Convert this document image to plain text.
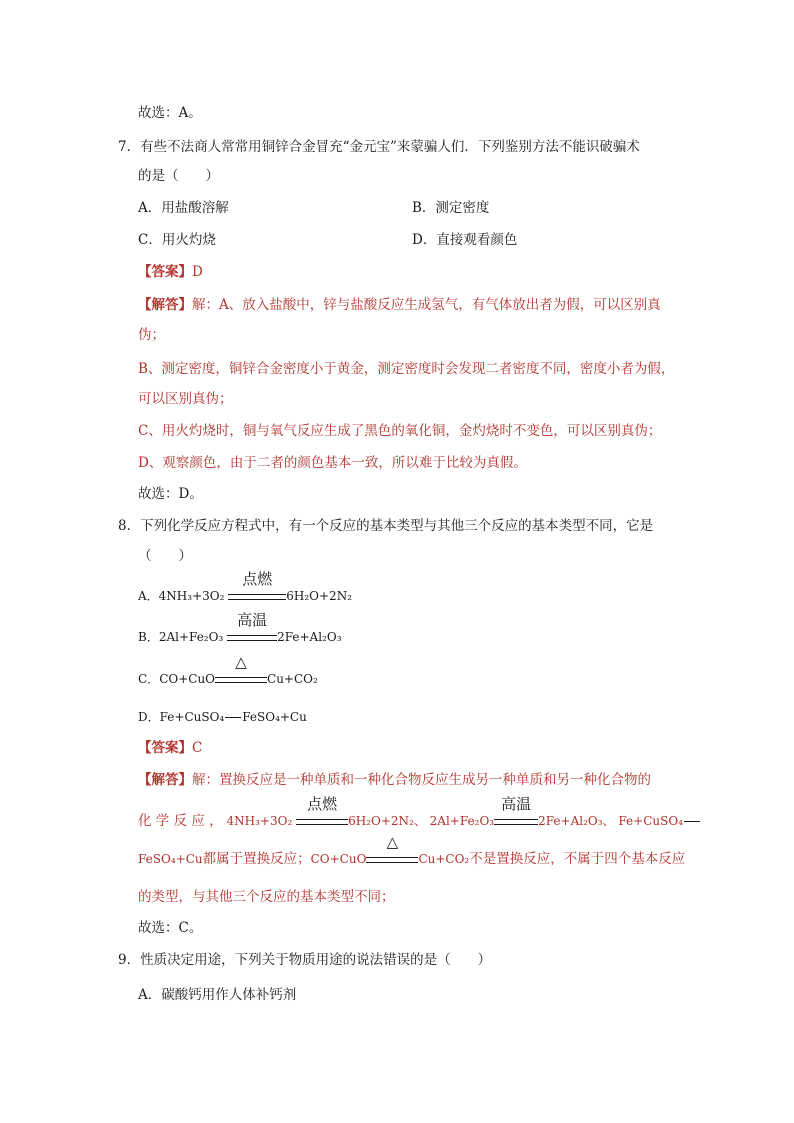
故选：A。
7．有些不法商人常常用铜锌合金冒充“金元宝”来蒙骗人们．下列鉴别方法不能识破骗术
的是（　　）
A．用盐酸溶解	B．测定密度
C．用火灼烧	D．直接观看颜色
【答案】D
【解答】解：A、放入盐酸中，锌与盐酸反应生成氢气，有气体放出者为假，可以区别真
伪；
B、测定密度，铜锌合金密度小于黄金，测定密度时会发现二者密度不同，密度小者为假，
可以区别真伪；
C、用火灼烧时，铜与氧气反应生成了黑色的氧化铜，金灼烧时不变色，可以区别真伪；
D、观察颜色，由于二者的颜色基本一致，所以难于比较为真假。
故选：D。
8．下列化学反应方程式中，有一个反应的基本类型与其他三个反应的基本类型不同，它是
（　　）
A．4NH₃+3O₂
点燃
6H₂O+2N₂
B．2Al+Fe₂O₃
高温
2Fe+Al₂O₃
C．CO+CuO
△
Cu+CO₂
D．Fe+CuSO₄ FeSO₄+Cu
【答案】C
【解答】解：置换反应是一种单质和一种化合物反应生成另一种单质和另一种化合物的
化 学 反 应 ， 4NH₃+3O₂
点燃
6H₂O+2N₂、 2Al+Fe₂O₃
高温
2Fe+Al₂O₃、 Fe+CuSO₄
FeSO₄+Cu都属于置换反应；CO+CuO
△
Cu+CO₂不是置换反应，不属于四个基本反应
的类型，与其他三个反应的基本类型不同；
故选：C。
9．性质决定用途，下列关于物质用途的说法错误的是（　　）
A．碳酸钙用作人体补钙剂
